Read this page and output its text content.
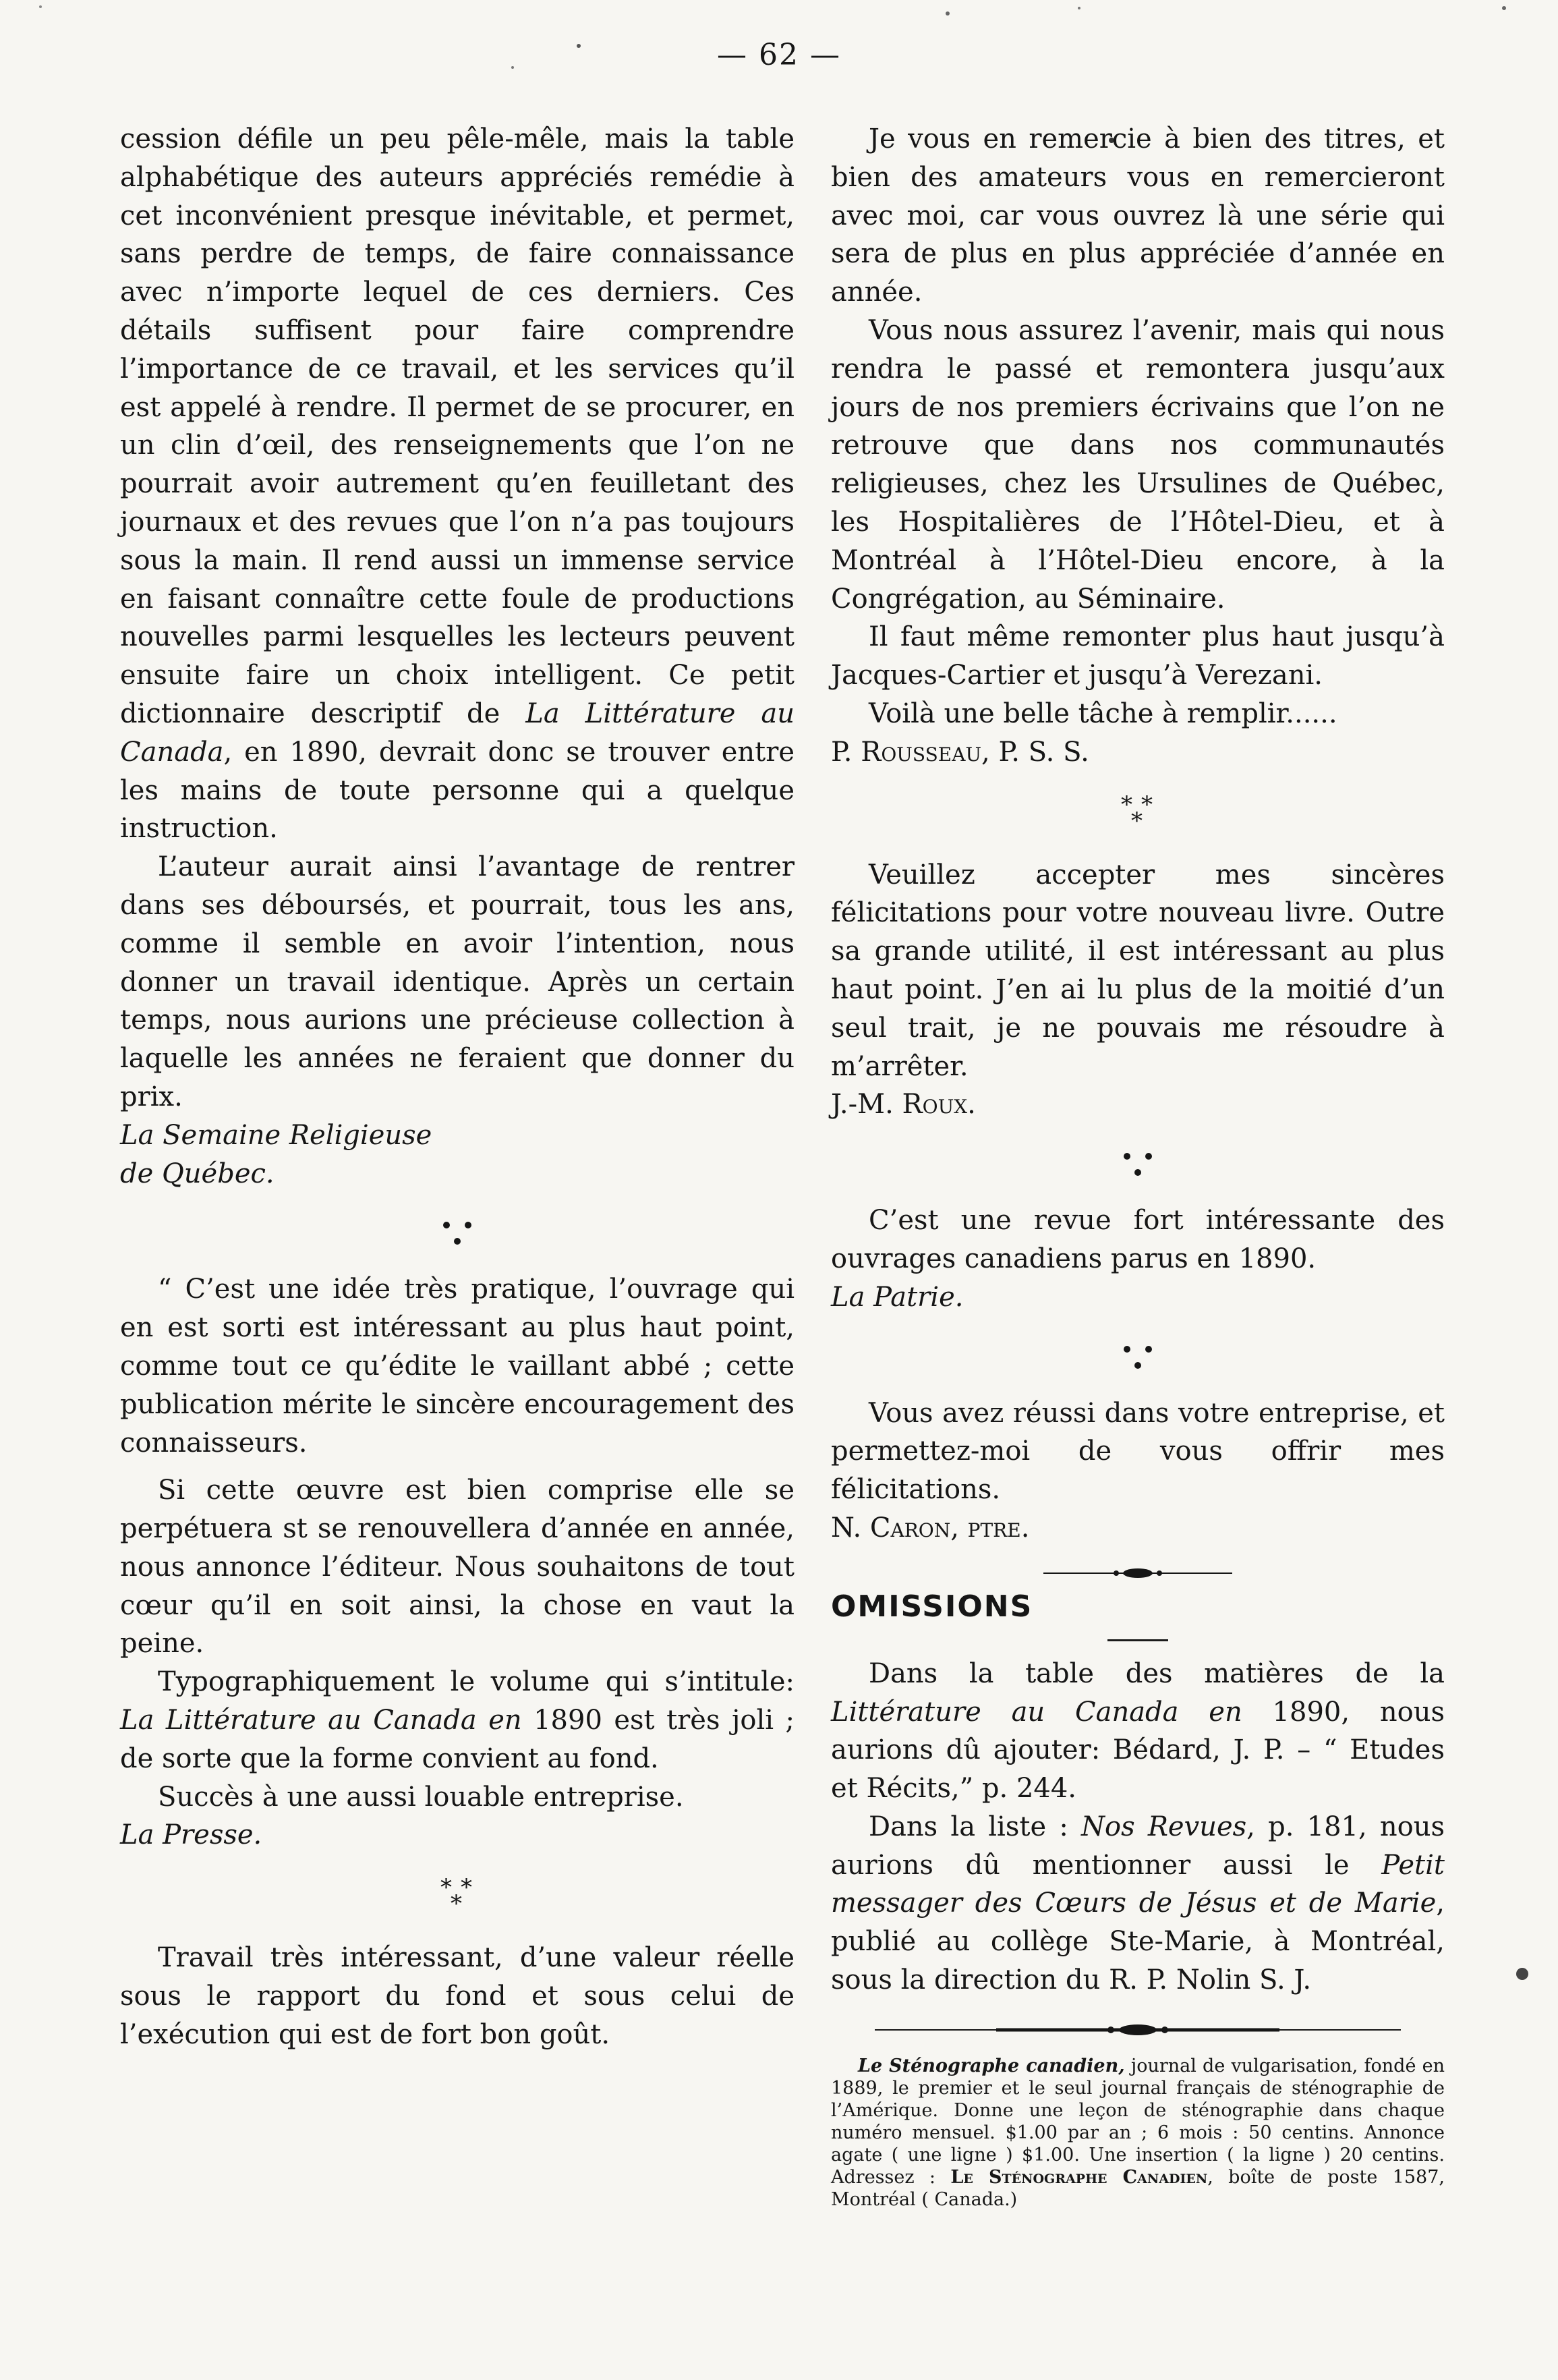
— 62 —

cession défile un peu pêle-mêle, mais la table alphabétique des auteurs appréciés remédie à cet inconvénient presque inévitable, et permet, sans perdre de temps, de faire connaissance avec n’importe lequel de ces derniers. Ces détails suffisent pour faire comprendre l’importance de ce travail, et les services qu’il est appelé à rendre. Il permet de se procurer, en un clin d’œil, des renseignements que l’on ne pourrait avoir autrement qu’en feuilletant des journaux et des revues que l’on n’a pas toujours sous la main. Il rend aussi un immense service en faisant connaître cette foule de productions nouvelles parmi lesquelles les lecteurs peuvent ensuite faire un choix intelligent. Ce petit dictionnaire descriptif de La Littérature au Canada, en 1890, devrait donc se trouver entre les mains de toute personne qui a quelque instruction.

L’auteur aurait ainsi l’avantage de rentrer dans ses déboursés, et pourrait, tous les ans, comme il semble en avoir l’intention, nous donner un travail identique. Après un certain temps, nous aurions une précieuse collection à laquelle les années ne feraient que donner du prix.

La Semaine Religieuse

de Québec.

“ C’est une idée très pratique, l’ouvrage qui en est sorti est intéressant au plus haut point, comme tout ce qu’édite le vaillant abbé ; cette publication mérite le sincère encouragement des connaisseurs.

Si cette œuvre est bien comprise elle se perpétuera st se renouvellera d’année en année, nous annonce l’éditeur. Nous souhaitons de tout cœur qu’il en soit ainsi, la chose en vaut la peine.

Typographiquement le volume qui s’intitule: La Littérature au Canada en 1890 est très joli ; de sorte que la forme convient au fond.

Succès à une aussi louable entreprise.

La Presse.

* *
*

Travail très intéressant, d’une valeur réelle sous le rapport du fond et sous celui de l’exécution qui est de fort bon goût.

Je vous en remercie à bien des titres, et bien des amateurs vous en remercieront avec moi, car vous ouvrez là une série qui sera de plus en plus appréciée d’année en année.

Vous nous assurez l’avenir, mais qui nous rendra le passé et remontera jusqu’aux jours de nos premiers écrivains que l’on ne retrouve que dans nos communautés religieuses, chez les Ursulines de Québec, les Hospitalières de l’Hôtel-Dieu, et à Montréal à l’Hôtel-Dieu encore, à la Congrégation, au Séminaire.

Il faut même remonter plus haut jusqu’à Jacques-Cartier et jusqu’à Verezani.

Voilà une belle tâche à remplir......

P. Rousseau, P. S. S.

* *
*

Veuillez accepter mes sincères félicitations pour votre nouveau livre. Outre sa grande utilité, il est intéressant au plus haut point. J’en ai lu plus de la moitié d’un seul trait, je ne pouvais me résoudre à m’arrêter.

J.-M. Roux.

C’est une revue fort intéressante des ouvrages canadiens parus en 1890.

La Patrie.

Vous avez réussi dans votre entreprise, et permettez-moi de vous offrir mes félicitations.

N. Caron, ptre.

OMISSIONS

Dans la table des matières de la Littérature au Canada en 1890, nous aurions dû ajouter: Bédard, J. P. – “ Etudes et Récits,” p. 244.

Dans la liste : Nos Revues, p. 181, nous aurions dû mentionner aussi le Petit messager des Cœurs de Jésus et de Marie, publié au collège Ste-Marie, à Montréal, sous la direction du R. P. Nolin S. J.

Le Sténographe canadien, journal de vulgarisation, fondé en 1889, le premier et le seul journal français de sténographie de l’Amérique. Donne une leçon de sténographie dans chaque numéro mensuel. $1.00 par an ; 6 mois : 50 centins. Annonce agate ( une ligne ) $1.00. Une insertion ( la ligne ) 20 centins. Adressez : Le Sténographe Canadien, boîte de poste 1587, Montréal ( Canada.)
